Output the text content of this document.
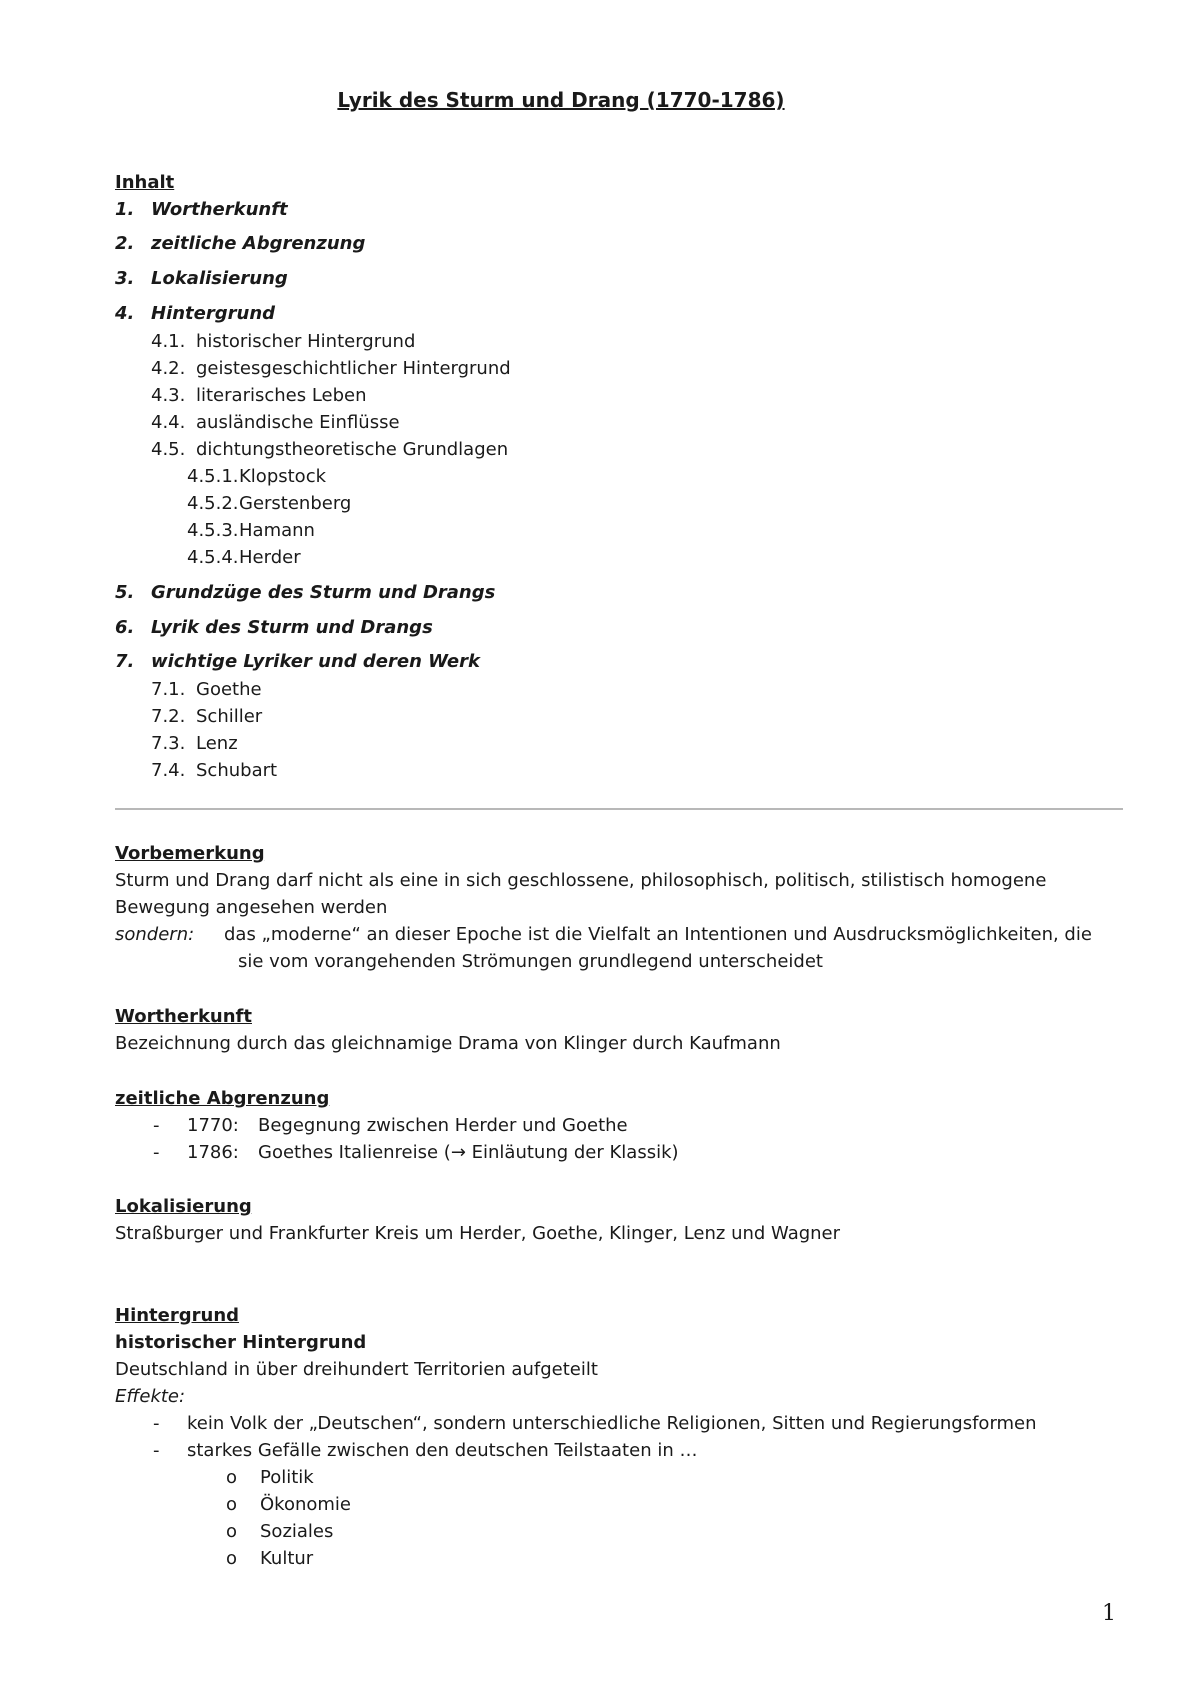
Lyrik des Sturm und Drang (1770-1786)
Inhalt
1. Wortherkunft
2. zeitliche Abgrenzung
3. Lokalisierung
4. Hintergrund
4.1. historischer Hintergrund
4.2. geistesgeschichtlicher Hintergrund
4.3. literarisches Leben
4.4. ausländische Einflüsse
4.5. dichtungstheoretische Grundlagen
4.5.1. Klopstock
4.5.2. Gerstenberg
4.5.3. Hamann
4.5.4. Herder
5. Grundzüge des Sturm und Drangs
6. Lyrik des Sturm und Drangs
7. wichtige Lyriker und deren Werk
7.1. Goethe
7.2. Schiller
7.3. Lenz
7.4. Schubart
Vorbemerkung
Sturm und Drang darf nicht als eine in sich geschlossene, philosophisch, politisch, stilistisch homogene
Bewegung angesehen werden
sondern: das „moderne“ an dieser Epoche ist die Vielfalt an Intentionen und Ausdrucksmöglichkeiten, die
sie vom vorangehenden Strömungen grundlegend unterscheidet
Wortherkunft
Bezeichnung durch das gleichnamige Drama von Klinger durch Kaufmann
zeitliche Abgrenzung
- 1770: Begegnung zwischen Herder und Goethe
- 1786: Goethes Italienreise (→ Einläutung der Klassik)
Lokalisierung
Straßburger und Frankfurter Kreis um Herder, Goethe, Klinger, Lenz und Wagner
Hintergrund
historischer Hintergrund
Deutschland in über dreihundert Territorien aufgeteilt
Effekte:
- kein Volk der „Deutschen“, sondern unterschiedliche Religionen, Sitten und Regierungsformen
- starkes Gefälle zwischen den deutschen Teilstaaten in …
o Politik
o Ökonomie
o Soziales
o Kultur
1
